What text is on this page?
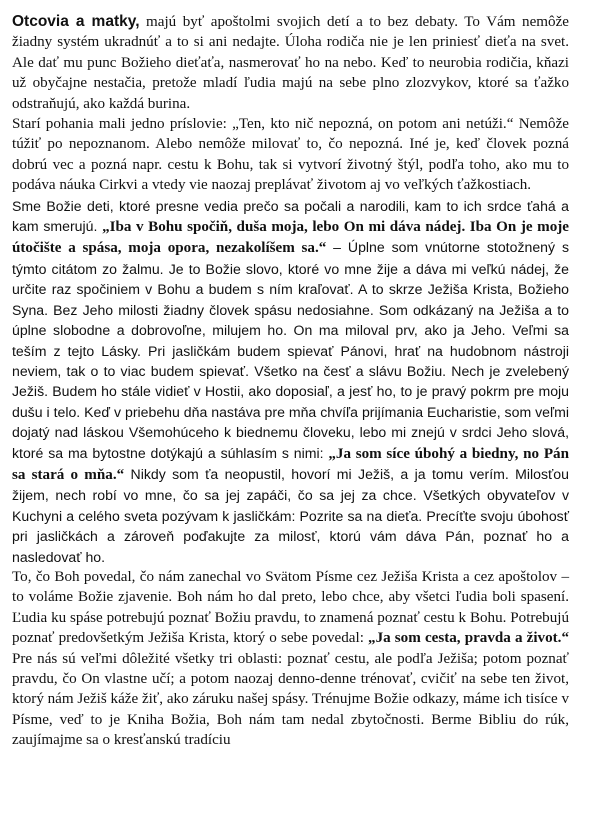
Otcovia a matky, majú byť apoštolmi svojich detí a to bez debaty. To Vám nemôže žiadny systém ukradnúť a to si ani nedajte. Úloha rodiča nie je len priniesť dieťa na svet. Ale dať mu punc Božieho dieťaťa, nasmerovať ho na nebo. Keď to neurobia rodičia, kňazi už obyčajne nestačia, pretože mladí ľudia majú na sebe plno zlozvykov, ktoré sa ťažko odstraňujú, ako každá burina.

Starí pohania mali jedno príslovie: „Ten, kto nič nepozná, on potom ani netúži.“ Nemôže túžiť po nepoznanom. Alebo nemôže milovať to, čo nepozná. Iné je, keď človek pozná dobrú vec a pozná napr. cestu k Bohu, tak si vytvorí životný štýl, podľa toho, ako mu to podáva náuka Cirkvi a vtedy vie naozaj preplávať životom aj vo veľkých ťažkostiach.

Sme Božie deti, ktoré presne vedia prečo sa počali a narodili, kam to ich srdce ťahá a kam smerujú. „Iba v Bohu spočiň, duša moja, lebo On mi dáva nádej. Iba On je moje útočište a spása, moja opora, nezakolíšem sa.“ – Úplne som vnútorne stotožnený s týmto citátom zo žalmu. Je to Božie slovo, ktoré vo mne žije a dáva mi veľkú nádej, že určite raz spočiniem v Bohu a budem s ním kraľovať. A to skrze Ježiša Krista, Božieho Syna. Bez Jeho milosti žiadny človek spásu nedosiahne. Som odkázaný na Ježiša a to úplne slobodne a dobrovoľne, milujem ho. On ma miloval prv, ako ja Jeho. Veľmi sa teším z tejto Lásky. Pri jasličkám budem spievať Pánovi, hrať na hudobnom nástroji neviem, tak o to viac budem spievať. Všetko na česť a slávu Božiu. Nech je zvelebený Ježiš. Budem ho stále vidieť v Hostii, ako doposiaľ, a jesť ho, to je pravý pokrm pre moju dušu i telo. Keď v priebehu dňa nastáva pre mňa chvíľa prijímania Eucharistie, som veľmi dojatý nad láskou Všemohúceho k biednemu človeku, lebo mi znejú v srdci Jeho slová, ktoré sa ma bytostne dotýkajú a súhlasím s nimi: „Ja som síce úbohý a biedny, no Pán sa stará o mňa.“ Nikdy som ťa neopustil, hovorí mi Ježiš, a ja tomu verím. Milosťou žijem, nech robí vo mne, čo sa jej zapáči, čo sa jej za chce. Všetkých obyvateľov v Kuchyni a celého sveta pozývam k jasličkám: Pozrite sa na dieťa. Precíťte svoju úbohosť pri jasličkách a zároveň poďakujte za milosť, ktorú vám dáva Pán, poznať ho a nasledovať ho.

To, čo Boh povedal, čo nám zanechal vo Svätom Písme cez Ježiša Krista a cez apoštolov – to voláme Božie zjavenie. Boh nám ho dal preto, lebo chce, aby všetci ľudia boli spasení. Ľudia ku spáse potrebujú poznať Božiu pravdu, to znamená poznať cestu k Bohu. Potrebujú poznať predovšetkým Ježiša Krista, ktorý o sebe povedal: „Ja som cesta, pravda a život.“ Pre nás sú veľmi dôležité všetky tri oblasti: poznať cestu, ale podľa Ježiša; potom poznať pravdu, čo On vlastne učí; a potom naozaj denno-denne trénovať, cvičiť na sebe ten život, ktorý nám Ježiš káže žiť, ako záruku našej spásy. Trénujme Božie odkazy, máme ich tisíce v Písme, veď to je Kniha Božia, Boh nám tam nedal zbytočnosti. Berme Bibliu do rúk, zaujímajme sa o kresťanskú tradíciu
